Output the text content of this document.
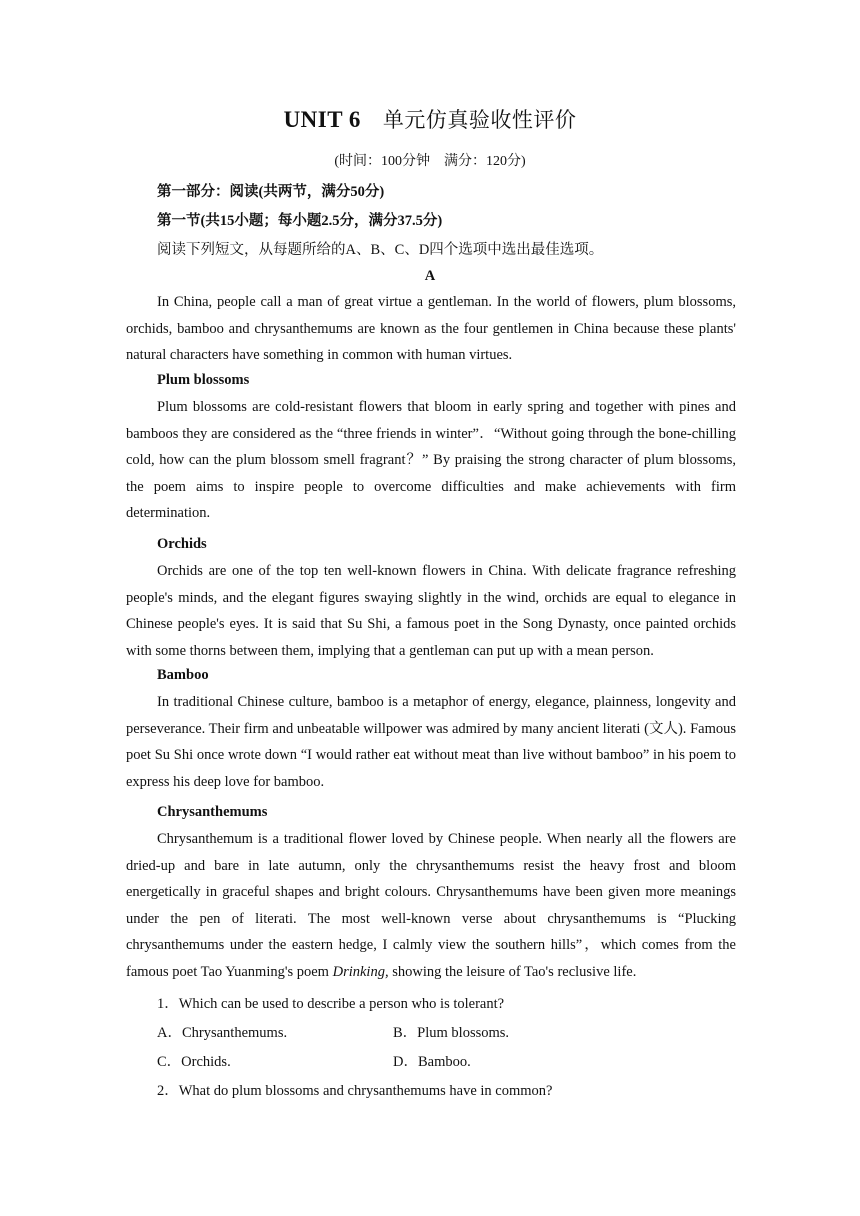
UNIT 6 单元仿真验收性评价
(时间：100分钟　满分：120分)
第一部分：阅读(共两节，满分50分)
第一节(共15小题；每小题2.5分，满分37.5分)
阅读下列短文，从每题所给的A、B、C、D四个选项中选出最佳选项。
A

In China, people call a man of great virtue a gentleman. In the world of flowers, plum blossoms, orchids, bamboo and chrysanthemums are known as the four gentlemen in China because these plants' natural characters have something in common with human virtues.

Plum blossoms

Plum blossoms are cold-resistant flowers that bloom in early spring and together with pines and bamboos they are considered as the “three friends in winter”．“Without going through the bone-chilling cold, how can the plum blossom smell fragrant？” By praising the strong character of plum blossoms, the poem aims to inspire people to overcome difficulties and make achievements with firm determination.

Orchids

Orchids are one of the top ten well-known flowers in China. With delicate fragrance refreshing people's minds, and the elegant figures swaying slightly in the wind, orchids are equal to elegance in Chinese people's eyes. It is said that Su Shi, a famous poet in the Song Dynasty, once painted orchids with some thorns between them, implying that a gentleman can put up with a mean person.

Bamboo

In traditional Chinese culture, bamboo is a metaphor of energy, elegance, plainness, longevity and perseverance. Their firm and unbeatable willpower was admired by many ancient literati (文人). Famous poet Su Shi once wrote down “I would rather eat without meat than live without bamboo” in his poem to express his deep love for bamboo.

Chrysanthemums

Chrysanthemum is a traditional flower loved by Chinese people. When nearly all the flowers are dried-up and bare in late autumn, only the chrysanthemums resist the heavy frost and bloom energetically in graceful shapes and bright colours. Chrysanthemums have been given more meanings under the pen of literati. The most well-known verse about chrysanthemums is “Plucking chrysanthemums under the eastern hedge, I calmly view the southern hills”，which comes from the famous poet Tao Yuanming's poem Drinking, showing the leisure of Tao's reclusive life.

1．Which can be used to describe a person who is tolerant?
A．Chrysanthemums.	B．Plum blossoms.
C．Orchids.	D．Bamboo.
2．What do plum blossoms and chrysanthemums have in common?
